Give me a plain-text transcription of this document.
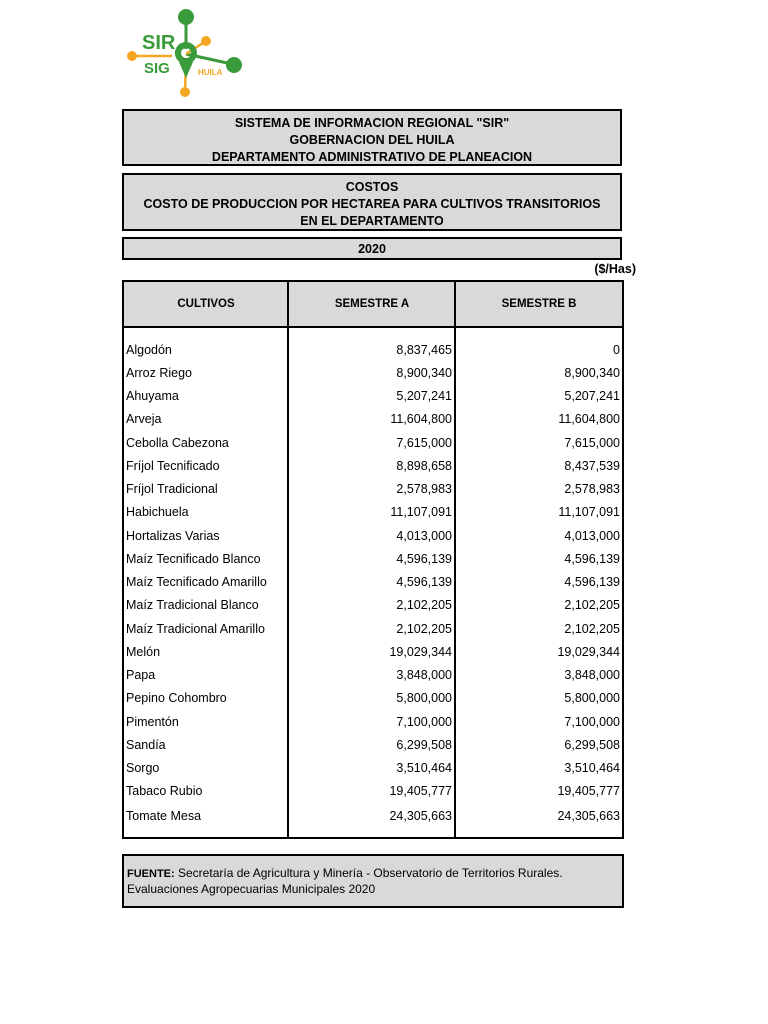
SIR
SIG	HUILA
SISTEMA DE INFORMACION REGIONAL "SIR"
GOBERNACION DEL HUILA
DEPARTAMENTO ADMINISTRATIVO DE PLANEACION
COSTOS
COSTO DE PRODUCCION POR HECTAREA PARA CULTIVOS TRANSITORIOS
EN EL DEPARTAMENTO
2020
($/Has)
CULTIVOS	SEMESTRE A	SEMESTRE B
Algodón	8,837,465	0
Arroz Riego	8,900,340	8,900,340
Ahuyama	5,207,241	5,207,241
Arveja	11,604,800	11,604,800
Cebolla Cabezona	7,615,000	7,615,000
Fríjol Tecnificado	8,898,658	8,437,539
Fríjol Tradicional	2,578,983	2,578,983
Habichuela	11,107,091	11,107,091
Hortalizas Varias	4,013,000	4,013,000
Maíz Tecnificado Blanco	4,596,139	4,596,139
Maíz Tecnificado Amarillo	4,596,139	4,596,139
Maíz Tradicional Blanco	2,102,205	2,102,205
Maíz Tradicional Amarillo	2,102,205	2,102,205
Melón	19,029,344	19,029,344
Papa	3,848,000	3,848,000
Pepino Cohombro	5,800,000	5,800,000
Pimentón	7,100,000	7,100,000
Sandía	6,299,508	6,299,508
Sorgo	3,510,464	3,510,464
Tabaco Rubio	19,405,777	19,405,777
Tomate Mesa	24,305,663	24,305,663
FUENTE: Secretaría de Agricultura y Minería - Observatorio de Territorios Rurales.
Evaluaciones Agropecuarias Municipales 2020
